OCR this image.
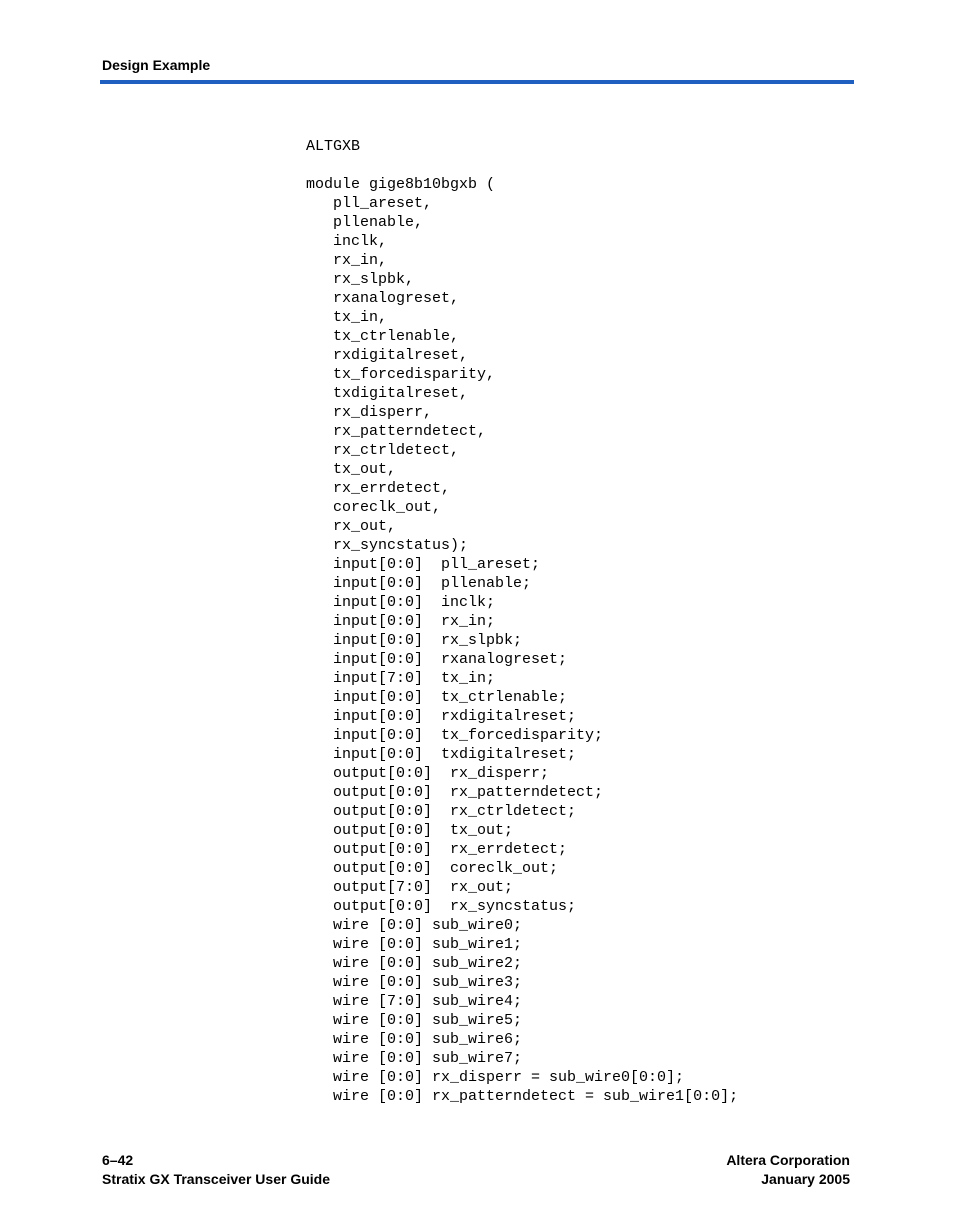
Design Example
ALTGXB
module gige8b10bgxb (
pll_areset,
pllenable,
inclk,
rx_in,
rx_slpbk,
rxanalogreset,
tx_in,
tx_ctrlenable,
rxdigitalreset,
tx_forcedisparity,
txdigitalreset,
rx_disperr,
rx_patterndetect,
rx_ctrldetect,
tx_out,
rx_errdetect,
coreclk_out,
rx_out,
rx_syncstatus);
input[0:0]  pll_areset;
input[0:0]  pllenable;
input[0:0]  inclk;
input[0:0]  rx_in;
input[0:0]  rx_slpbk;
input[0:0]  rxanalogreset;
input[7:0]  tx_in;
input[0:0]  tx_ctrlenable;
input[0:0]  rxdigitalreset;
input[0:0]  tx_forcedisparity;
input[0:0]  txdigitalreset;
output[0:0]  rx_disperr;
output[0:0]  rx_patterndetect;
output[0:0]  rx_ctrldetect;
output[0:0]  tx_out;
output[0:0]  rx_errdetect;
output[0:0]  coreclk_out;
output[7:0]  rx_out;
output[0:0]  rx_syncstatus;
wire [0:0] sub_wire0;
wire [0:0] sub_wire1;
wire [0:0] sub_wire2;
wire [0:0] sub_wire3;
wire [7:0] sub_wire4;
wire [0:0] sub_wire5;
wire [0:0] sub_wire6;
wire [0:0] sub_wire7;
wire [0:0] rx_disperr = sub_wire0[0:0];
wire [0:0] rx_patterndetect = sub_wire1[0:0];
6–42
Stratix GX Transceiver User Guide
Altera Corporation
January 2005
